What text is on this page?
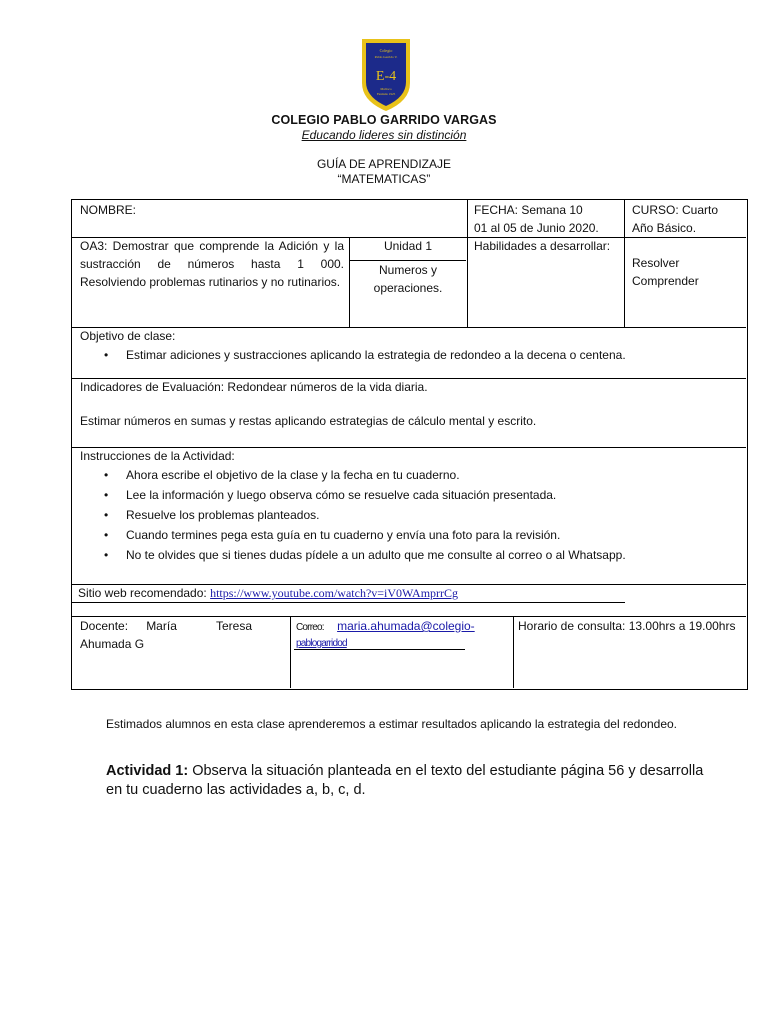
Colegio
Pablo Garrido V.
E-4
Malloco
Fundado 1925
COLEGIO PABLO GARRIDO VARGAS
Educando lideres sin distinción
GUÍA DE APRENDIZAJE
“MATEMATICAS”
NOMBRE:	FECHA: Semana 10
01 al 05 de Junio 2020.
CURSO: Cuarto
Año Básico.
OA3: Demostrar que comprende la Adición y la sustracción de números hasta 1 000. Resolviendo problemas rutinarios y no rutinarios.
Unidad 1
Numeros y
operaciones.
Habilidades a desarrollar:
Resolver
Comprender
Objetivo de clase:
• Estimar adiciones y sustracciones aplicando la estrategia de redondeo a la decena o centena.
Indicadores de Evaluación: Redondear números de la vida diaria.
Estimar números en sumas y restas aplicando estrategias de cálculo mental y escrito.
Instrucciones de la Actividad:
• Ahora escribe el objetivo de la clase y la fecha en tu cuaderno.
• Lee la información y luego observa cómo se resuelve cada situación presentada.
• Resuelve los problemas planteados.
• Cuando termines pega esta guía en tu cuaderno y envía una foto para la revisión.
• No te olvides que si tienes dudas pídele a un adulto que me consulte al correo o al Whatsapp.
Sitio web recomendado: https://www.youtube.com/watch?v=iV0WAmprrCg
Docente: María Teresa
Ahumada G
Correo: maria.ahumada@colegio-
pablogarridod
Horario de consulta: 13.00hrs a 19.00hrs
Estimados alumnos en esta clase aprenderemos a estimar resultados aplicando la estrategia del redondeo.
Actividad 1: Observa la situación planteada en el texto del estudiante página 56 y desarrolla en tu cuaderno las actividades a, b, c, d.
